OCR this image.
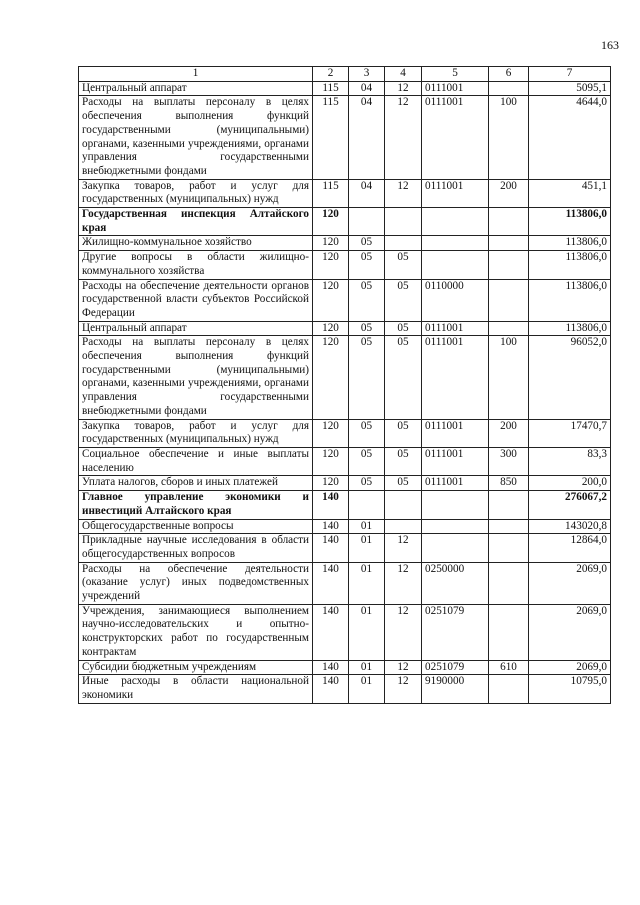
163
1	2	3	4	5	6	7
Центральный аппарат	115	04	12	0111001		5095,1
Расходы на выплаты персоналу в целях обеспечения выполнения функций государственными (муниципальными) органами, казенными учреждениями, органами управления государственными внебюджетными фондами	115	04	12	0111001	100	4644,0
Закупка товаров, работ и услуг для государственных (муниципальных) нужд	115	04	12	0111001	200	451,1
Государственная инспекция Алтайского края	120					113806,0
Жилищно-коммунальное хозяйство	120	05				113806,0
Другие вопросы в области жилищно-коммунального хозяйства	120	05	05			113806,0
Расходы на обеспечение деятельности органов государственной власти субъектов Российской Федерации	120	05	05	0110000		113806,0
Центральный аппарат	120	05	05	0111001		113806,0
Расходы на выплаты персоналу в целях обеспечения выполнения функций государственными (муниципальными) органами, казенными учреждениями, органами управления государственными внебюджетными фондами	120	05	05	0111001	100	96052,0
Закупка товаров, работ и услуг для государственных (муниципальных) нужд	120	05	05	0111001	200	17470,7
Социальное обеспечение и иные выплаты населению	120	05	05	0111001	300	83,3
Уплата налогов, сборов и иных платежей	120	05	05	0111001	850	200,0
Главное управление экономики и инвестиций Алтайского края	140					276067,2
Общегосударственные вопросы	140	01				143020,8
Прикладные научные исследования в области общегосударственных вопросов	140	01	12			12864,0
Расходы на обеспечение деятельности (оказание услуг) иных подведомственных учреждений	140	01	12	0250000		2069,0
Учреждения, занимающиеся выполнением научно-исследовательских и опытно-конструкторских работ по государственным контрактам	140	01	12	0251079		2069,0
Субсидии бюджетным учреждениям	140	01	12	0251079	610	2069,0
Иные расходы в области национальной экономики	140	01	12	9190000		10795,0
